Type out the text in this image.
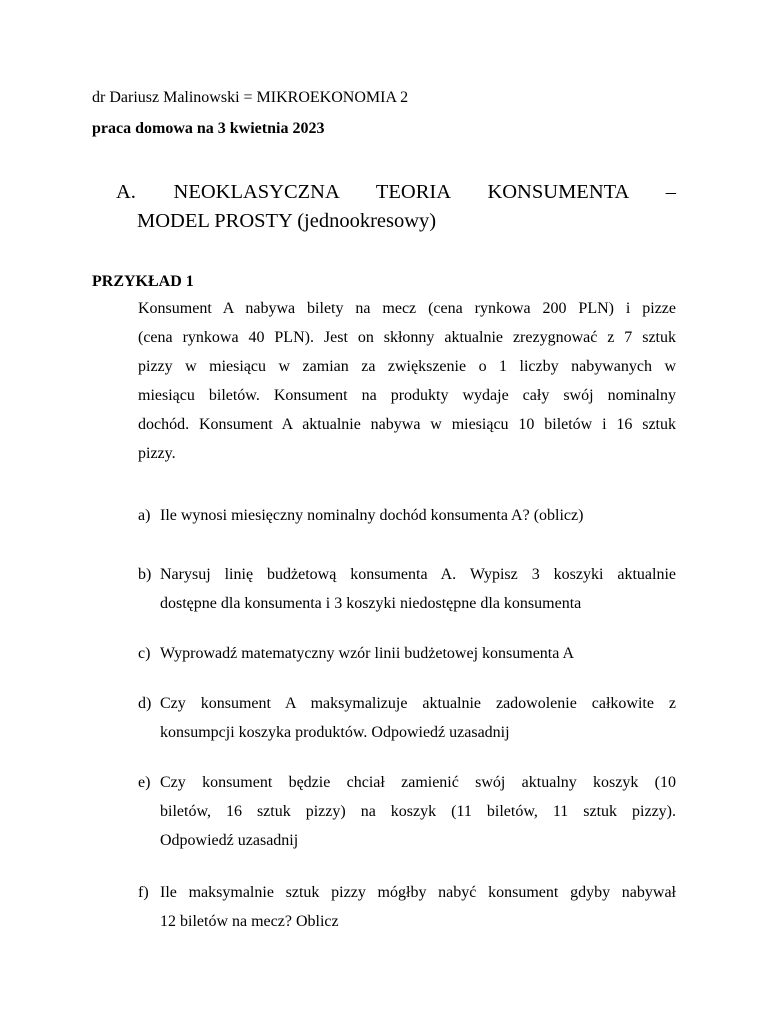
dr Dariusz Malinowski = MIKROEKONOMIA 2
praca domowa na 3 kwietnia 2023
A. NEOKLASYCZNA TEORIA KONSUMENTA –
MODEL PROSTY (jednookresowy)
PRZYKŁAD 1
Konsument A nabywa bilety na mecz (cena rynkowa 200 PLN) i pizze
(cena rynkowa 40 PLN). Jest on skłonny aktualnie zrezygnować z 7 sztuk
pizzy w miesiącu w zamian za zwiększenie o 1 liczby nabywanych w
miesiącu biletów. Konsument na produkty wydaje cały swój nominalny
dochód. Konsument A aktualnie nabywa w miesiącu 10 biletów i 16 sztuk
pizzy.
a) Ile wynosi miesięczny nominalny dochód konsumenta A? (oblicz)
b) Narysuj linię budżetową konsumenta A. Wypisz 3 koszyki aktualnie
dostępne dla konsumenta i 3 koszyki niedostępne dla konsumenta
c) Wyprowadź matematyczny wzór linii budżetowej konsumenta A
d) Czy konsument A maksymalizuje aktualnie zadowolenie całkowite z
konsumpcji koszyka produktów. Odpowiedź uzasadnij
e) Czy konsument będzie chciał zamienić swój aktualny koszyk (10
biletów, 16 sztuk pizzy) na koszyk (11 biletów, 11 sztuk pizzy).
Odpowiedź uzasadnij
f) Ile maksymalnie sztuk pizzy mógłby nabyć konsument gdyby nabywał
12 biletów na mecz? Oblicz
